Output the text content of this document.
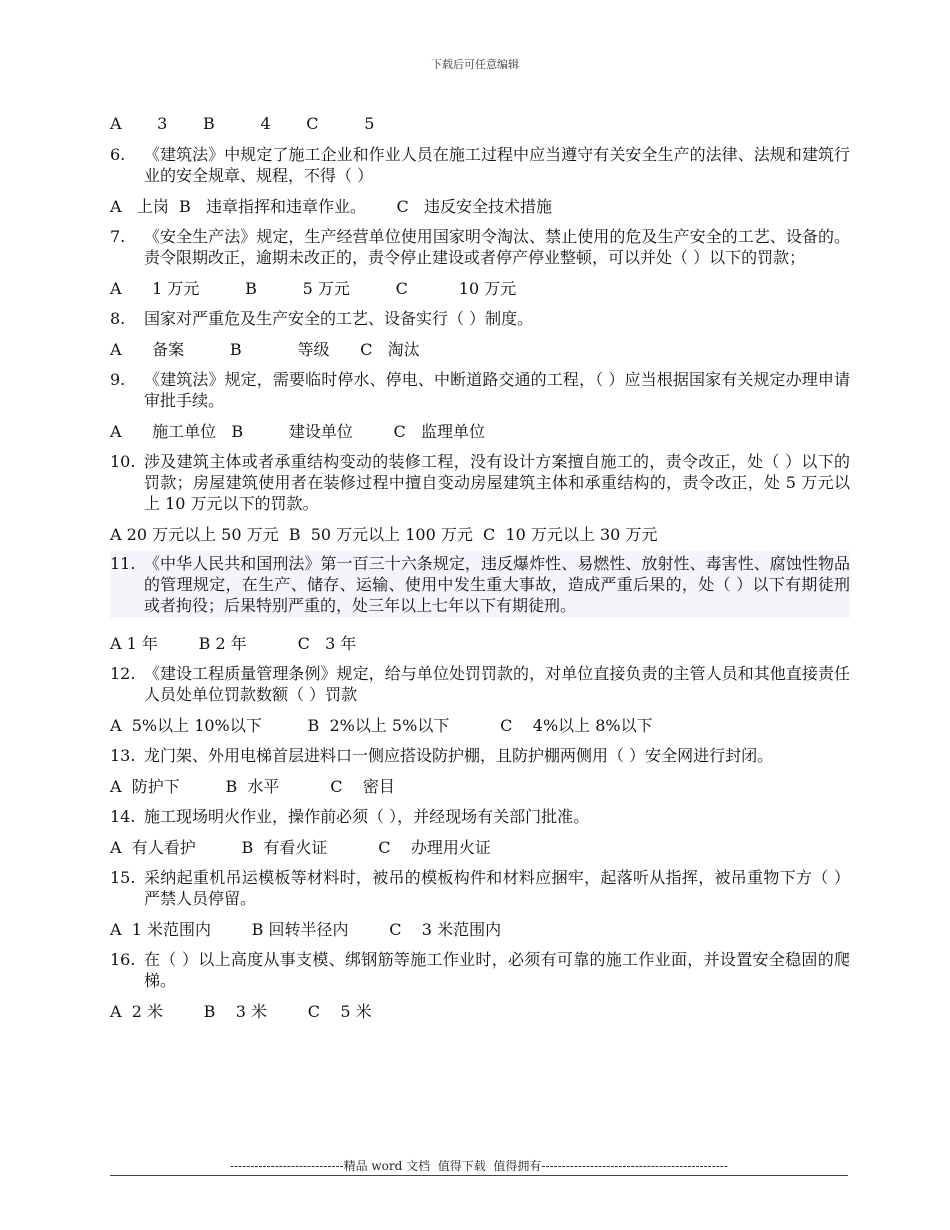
下载后可任意编辑

A       3       B         4       C         5

6.	《建筑法》中规定了施工企业和作业人员在施工过程中应当遵守有关安全生产的法律、法规和建筑行业的安全规章、规程，不得（ ）

A   上岗  B   违章指挥和违章作业。      C   违反安全技术措施

7.	《安全生产法》规定，生产经营单位使用国家明令淘汰、禁止使用的危及生产安全的工艺、设备的。责令限期改正，逾期未改正的，责令停止建设或者停产停业整顿，可以并处（ ）以下的罚款；

A      1 万元         B         5 万元         C          10 万元

8.	国家对严重危及生产安全的工艺、设备实行（ ）制度。

A      备案         B           等级      C   淘汰

9.	《建筑法》规定，需要临时停水、停电、中断道路交通的工程，（ ）应当根据国家有关规定办理申请审批手续。

A      施工单位   B         建设单位        C   监理单位

10. 涉及建筑主体或者承重结构变动的装修工程，没有设计方案擅自施工的，责令改正，处（ ）以下的罚款；房屋建筑使用者在装修过程中擅自变动房屋建筑主体和承重结构的，责令改正，处 5 万元以上 10 万元以下的罚款。

A 20 万元以上 50 万元  B  50 万元以上 100 万元  C  10 万元以上 30 万元

11. 《中华人民共和国刑法》第一百三十六条规定，违反爆炸性、易燃性、放射性、毒害性、腐蚀性物品的管理规定，在生产、储存、运输、使用中发生重大事故，造成严重后果的，处（ ）以下有期徒刑或者拘役；后果特别严重的，处三年以上七年以下有期徒刑。

A 1 年        B 2 年          C   3 年

12. 《建设工程质量管理条例》规定，给与单位处罚罚款的，对单位直接负责的主管人员和其他直接责任人员处单位罚款数额（ ）罚款

A  5%以上 10%以下         B  2%以上 5%以下          C    4%以上 8%以下

13. 龙门架、外用电梯首层进料口一侧应搭设防护棚，且防护棚两侧用（ ）安全网进行封闭。

A  防护下         B  水平          C    密目

14. 施工现场明火作业，操作前必须（ ），并经现场有关部门批准。

A  有人看护         B  有看火证          C    办理用火证

15. 采纳起重机吊运模板等材料时，被吊的模板构件和材料应捆牢，起落听从指挥，被吊重物下方（ ）严禁人员停留。

A  1 米范围内        B 回转半径内        C    3 米范围内

16. 在（ ）以上高度从事支模、绑钢筋等施工作业时，必须有可靠的施工作业面，并设置安全稳固的爬梯。

A  2 米        B    3 米        C    5 米

----------------------------精品 word 文档  值得下载  值得拥有----------------------------------------------
